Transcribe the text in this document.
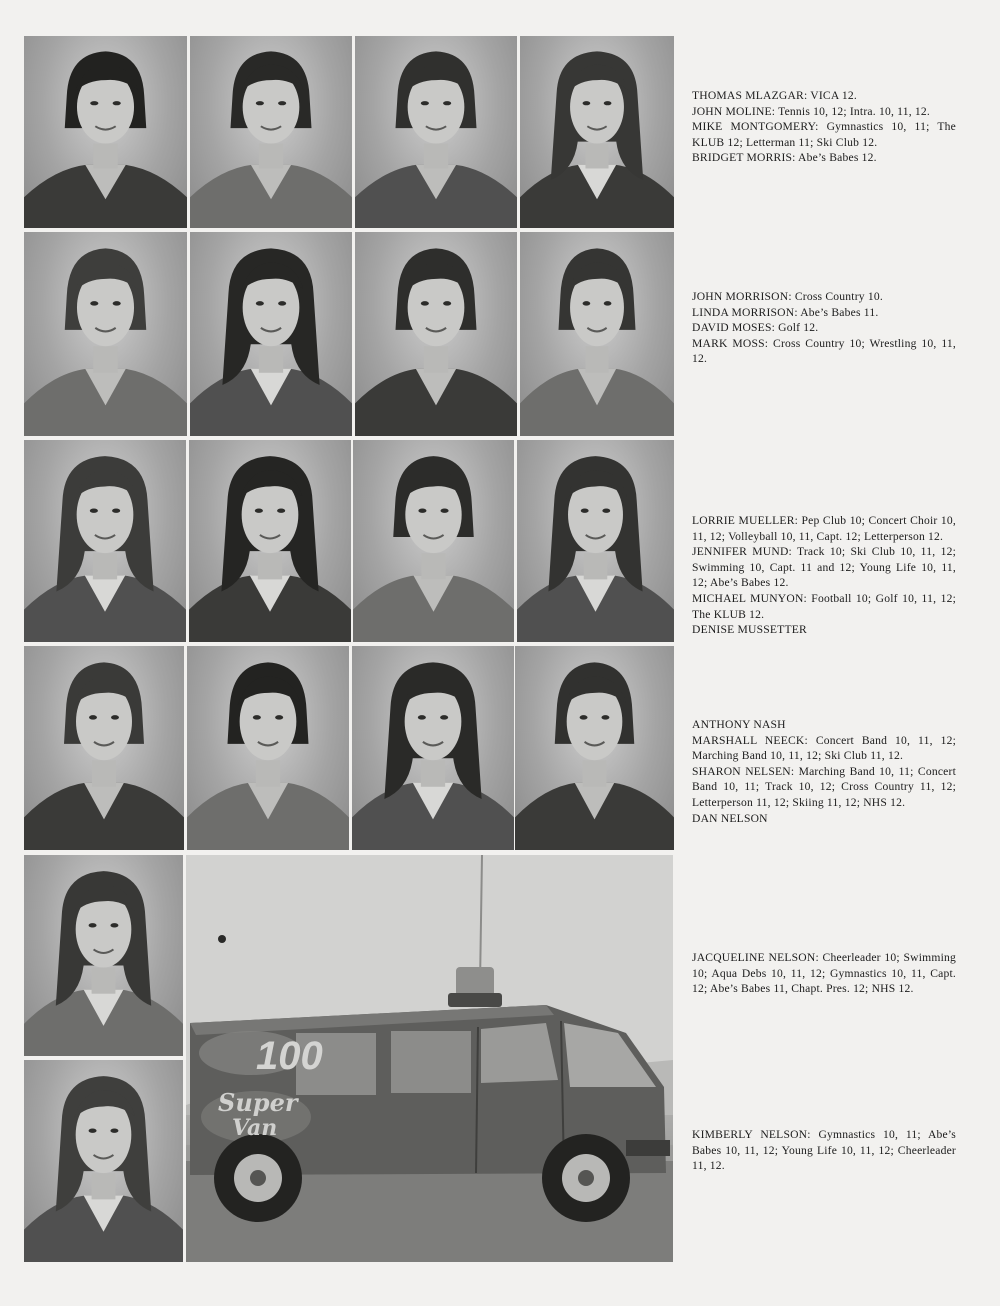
100
Super
Van

THOMAS MLAZGAR: VICA 12.

JOHN MOLINE: Tennis 10, 12; Intra. 10, 11, 12.

MIKE MONTGOMERY: Gymnastics 10, 11; The KLUB 12; Letterman 11; Ski Club 12.

BRIDGET MORRIS: Abe’s Babes 12.

JOHN MORRISON: Cross Country 10.

LINDA MORRISON: Abe’s Babes 11.

DAVID MOSES: Golf 12.

MARK MOSS: Cross Country 10; Wrestling 10, 11, 12.

LORRIE MUELLER: Pep Club 10; Concert Choir 10, 11, 12; Volleyball 10, 11, Capt. 12; Letterperson 12.

JENNIFER MUND: Track 10; Ski Club 10, 11, 12; Swimming 10, Capt. 11 and 12; Young Life 10, 11, 12; Abe’s Babes 12.

MICHAEL MUNYON: Football 10; Golf 10, 11, 12; The KLUB 12.

DENISE MUSSETTER

ANTHONY NASH

MARSHALL NEECK: Concert Band 10, 11, 12; Marching Band 10, 11, 12; Ski Club 11, 12.

SHARON NELSEN: Marching Band 10, 11; Concert Band 10, 11; Track 10, 12; Cross Country 11, 12; Letterperson 11, 12; Skiing 11, 12; NHS 12.

DAN NELSON

JACQUELINE NELSON: Cheerleader 10; Swimming 10; Aqua Debs 10, 11, 12; Gymnastics 10, 11, Capt. 12; Abe’s Babes 11, Chapt. Pres. 12; NHS 12.

KIMBERLY NELSON: Gymnastics 10, 11; Abe’s Babes 10, 11, 12; Young Life 10, 11, 12; Cheerleader 11, 12.
